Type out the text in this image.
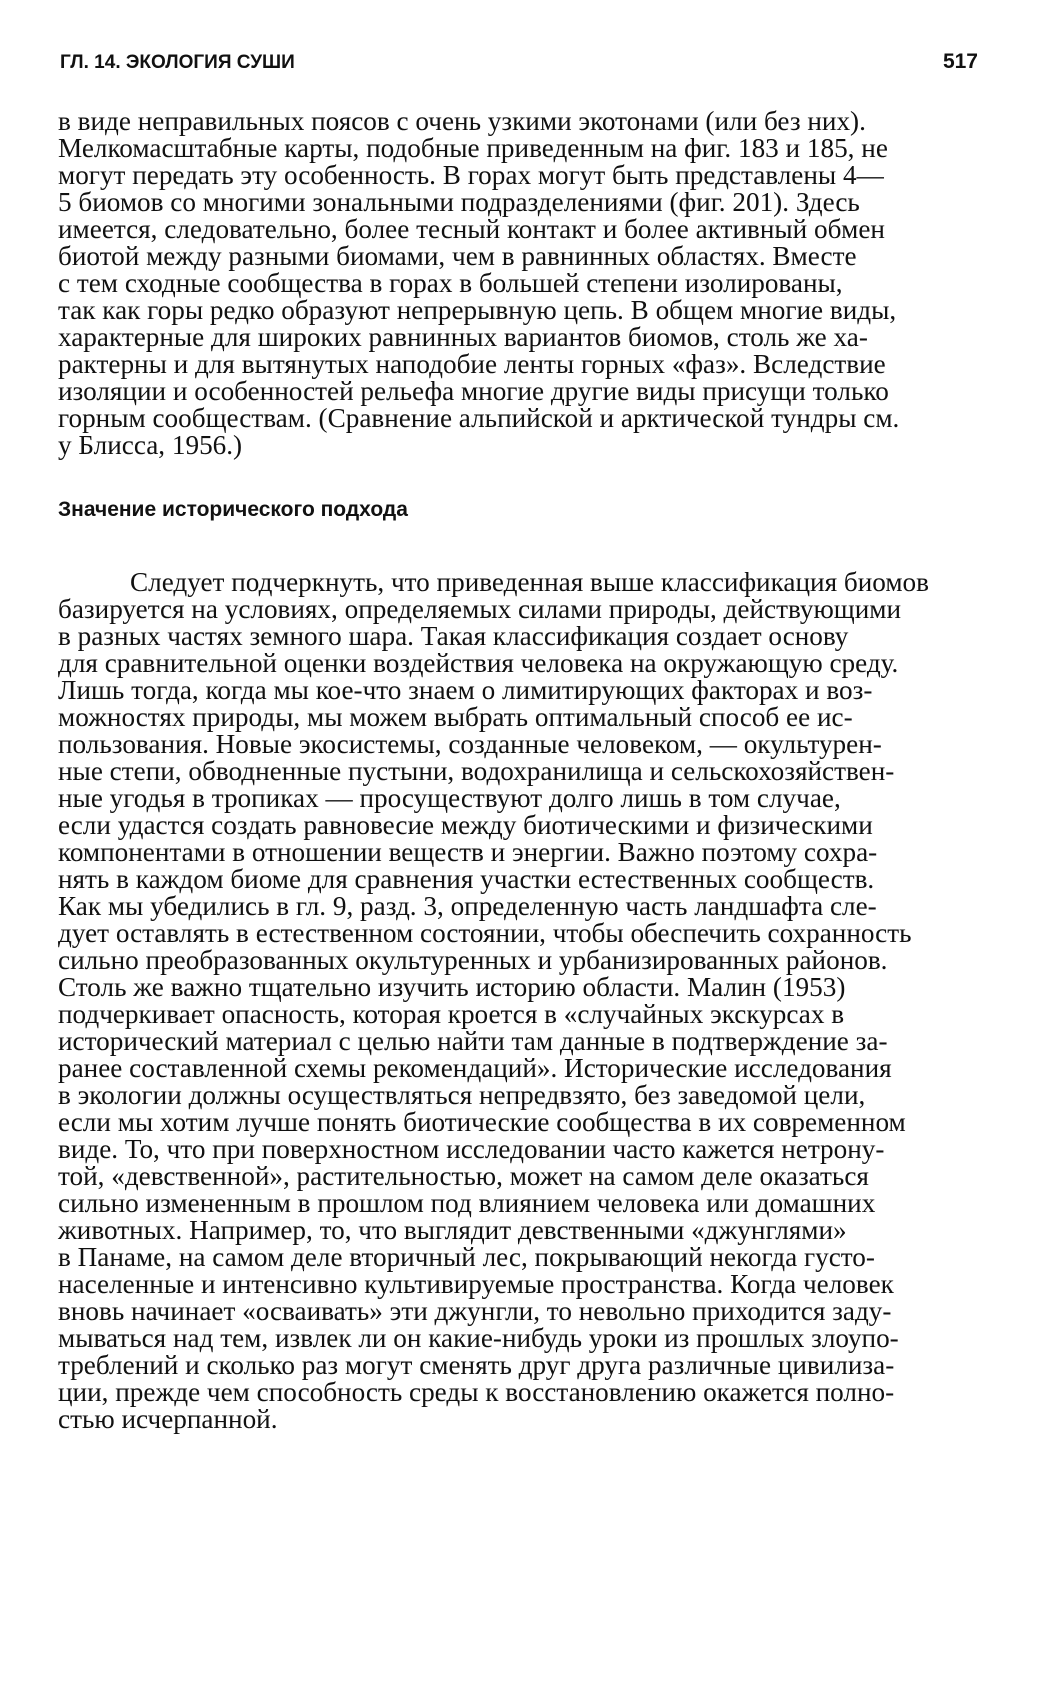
ГЛ. 14. ЭКОЛОГИЯ СУШИ	517
в виде неправильных поясов с очень узкими экотонами (или без них).
Мелкомасштабные карты, подобные приведенным на фиг. 183 и 185, не
могут передать эту особенность. В горах могут быть представлены 4—
5 биомов со многими зональными подразделениями (фиг. 201). Здесь
имеется, следовательно, более тесный контакт и более активный обмен
биотой между разными биомами, чем в равнинных областях. Вместе
с тем сходные сообщества в горах в большей степени изолированы,
так как горы редко образуют непрерывную цепь. В общем многие виды,
характерные для широких равнинных вариантов биомов, столь же ха-
рактерны и для вытянутых наподобие ленты горных «фаз». Вследствие
изоляции и особенностей рельефа многие другие виды присущи только
горным сообществам. (Сравнение альпийской и арктической тундры см.
у Блисса, 1956.)
Значение исторического подхода
Следует подчеркнуть, что приведенная выше классификация биомов
базируется на условиях, определяемых силами природы, действующими
в разных частях земного шара. Такая классификация создает основу
для сравнительной оценки воздействия человека на окружающую среду.
Лишь тогда, когда мы кое-что знаем о лимитирующих факторах и воз-
можностях природы, мы можем выбрать оптимальный способ ее ис-
пользования. Новые экосистемы, созданные человеком, — окультурен-
ные степи, обводненные пустыни, водохранилища и сельскохозяйствен-
ные угодья в тропиках — просуществуют долго лишь в том случае,
если удастся создать равновесие между биотическими и физическими
компонентами в отношении веществ и энергии. Важно поэтому сохра-
нять в каждом биоме для сравнения участки естественных сообществ.
Как мы убедились в гл. 9, разд. 3, определенную часть ландшафта сле-
дует оставлять в естественном состоянии, чтобы обеспечить сохранность
сильно преобразованных окультуренных и урбанизированных районов.
Столь же важно тщательно изучить историю области. Малин (1953)
подчеркивает опасность, которая кроется в «случайных экскурсах в
исторический материал с целью найти там данные в подтверждение за-
ранее составленной схемы рекомендаций». Исторические исследования
в экологии должны осуществляться непредвзято, без заведомой цели,
если мы хотим лучше понять биотические сообщества в их современном
виде. То, что при поверхностном исследовании часто кажется нетрону-
той, «девственной», растительностью, может на самом деле оказаться
сильно измененным в прошлом под влиянием человека или домашних
животных. Например, то, что выглядит девственными «джунглями»
в Панаме, на самом деле вторичный лес, покрывающий некогда густо-
населенные и интенсивно культивируемые пространства. Когда человек
вновь начинает «осваивать» эти джунгли, то невольно приходится заду-
мываться над тем, извлек ли он какие-нибудь уроки из прошлых злоупо-
треблений и сколько раз могут сменять друг друга различные цивилиза-
ции, прежде чем способность среды к восстановлению окажется полно-
стью исчерпанной.
